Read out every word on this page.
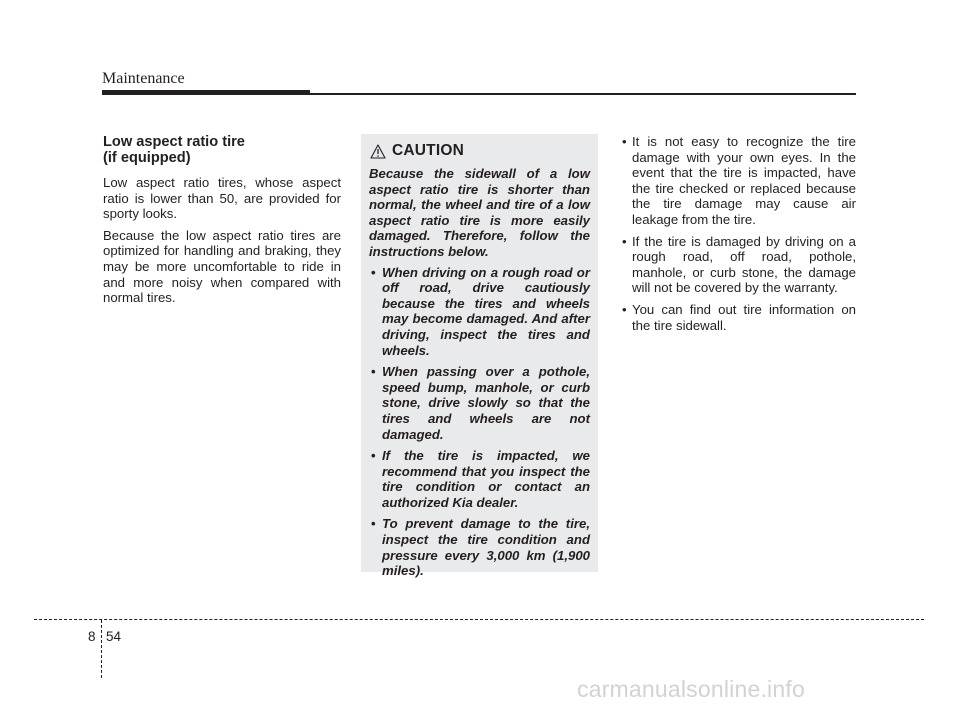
Maintenance
Low aspect ratio tire
(if equipped)

Low aspect ratio tires, whose aspect ratio is lower than 50, are provided for sporty looks.

Because the low aspect ratio tires are optimized for handling and braking, they may be more uncomfortable to ride in and more noisy when compared with normal tires.

CAUTION
Because the sidewall of a low aspect ratio tire is shorter than normal, the wheel and tire of a low aspect ratio tire is more easily damaged. Therefore, follow the instructions below.
• When driving on a rough road or off road, drive cautiously because the tires and wheels may become damaged. And after driving, inspect the tires and wheels.
• When passing over a pothole, speed bump, manhole, or curb stone, drive slowly so that the tires and wheels are not damaged.
• If the tire is impacted, we recommend that you inspect the tire condition or contact an authorized Kia dealer.
• To prevent damage to the tire, inspect the tire condition and pressure every 3,000 km (1,900 miles).
• It is not easy to recognize the tire damage with your own eyes. In the event that the tire is impacted, have the tire checked or replaced because the tire damage may cause air leakage from the tire.
• If the tire is damaged by driving on a rough road, off road, pothole, manhole, or curb stone, the damage will not be covered by the warranty.
• You can find out tire information on the tire sidewall.
8 54
carmanualsonline.info
